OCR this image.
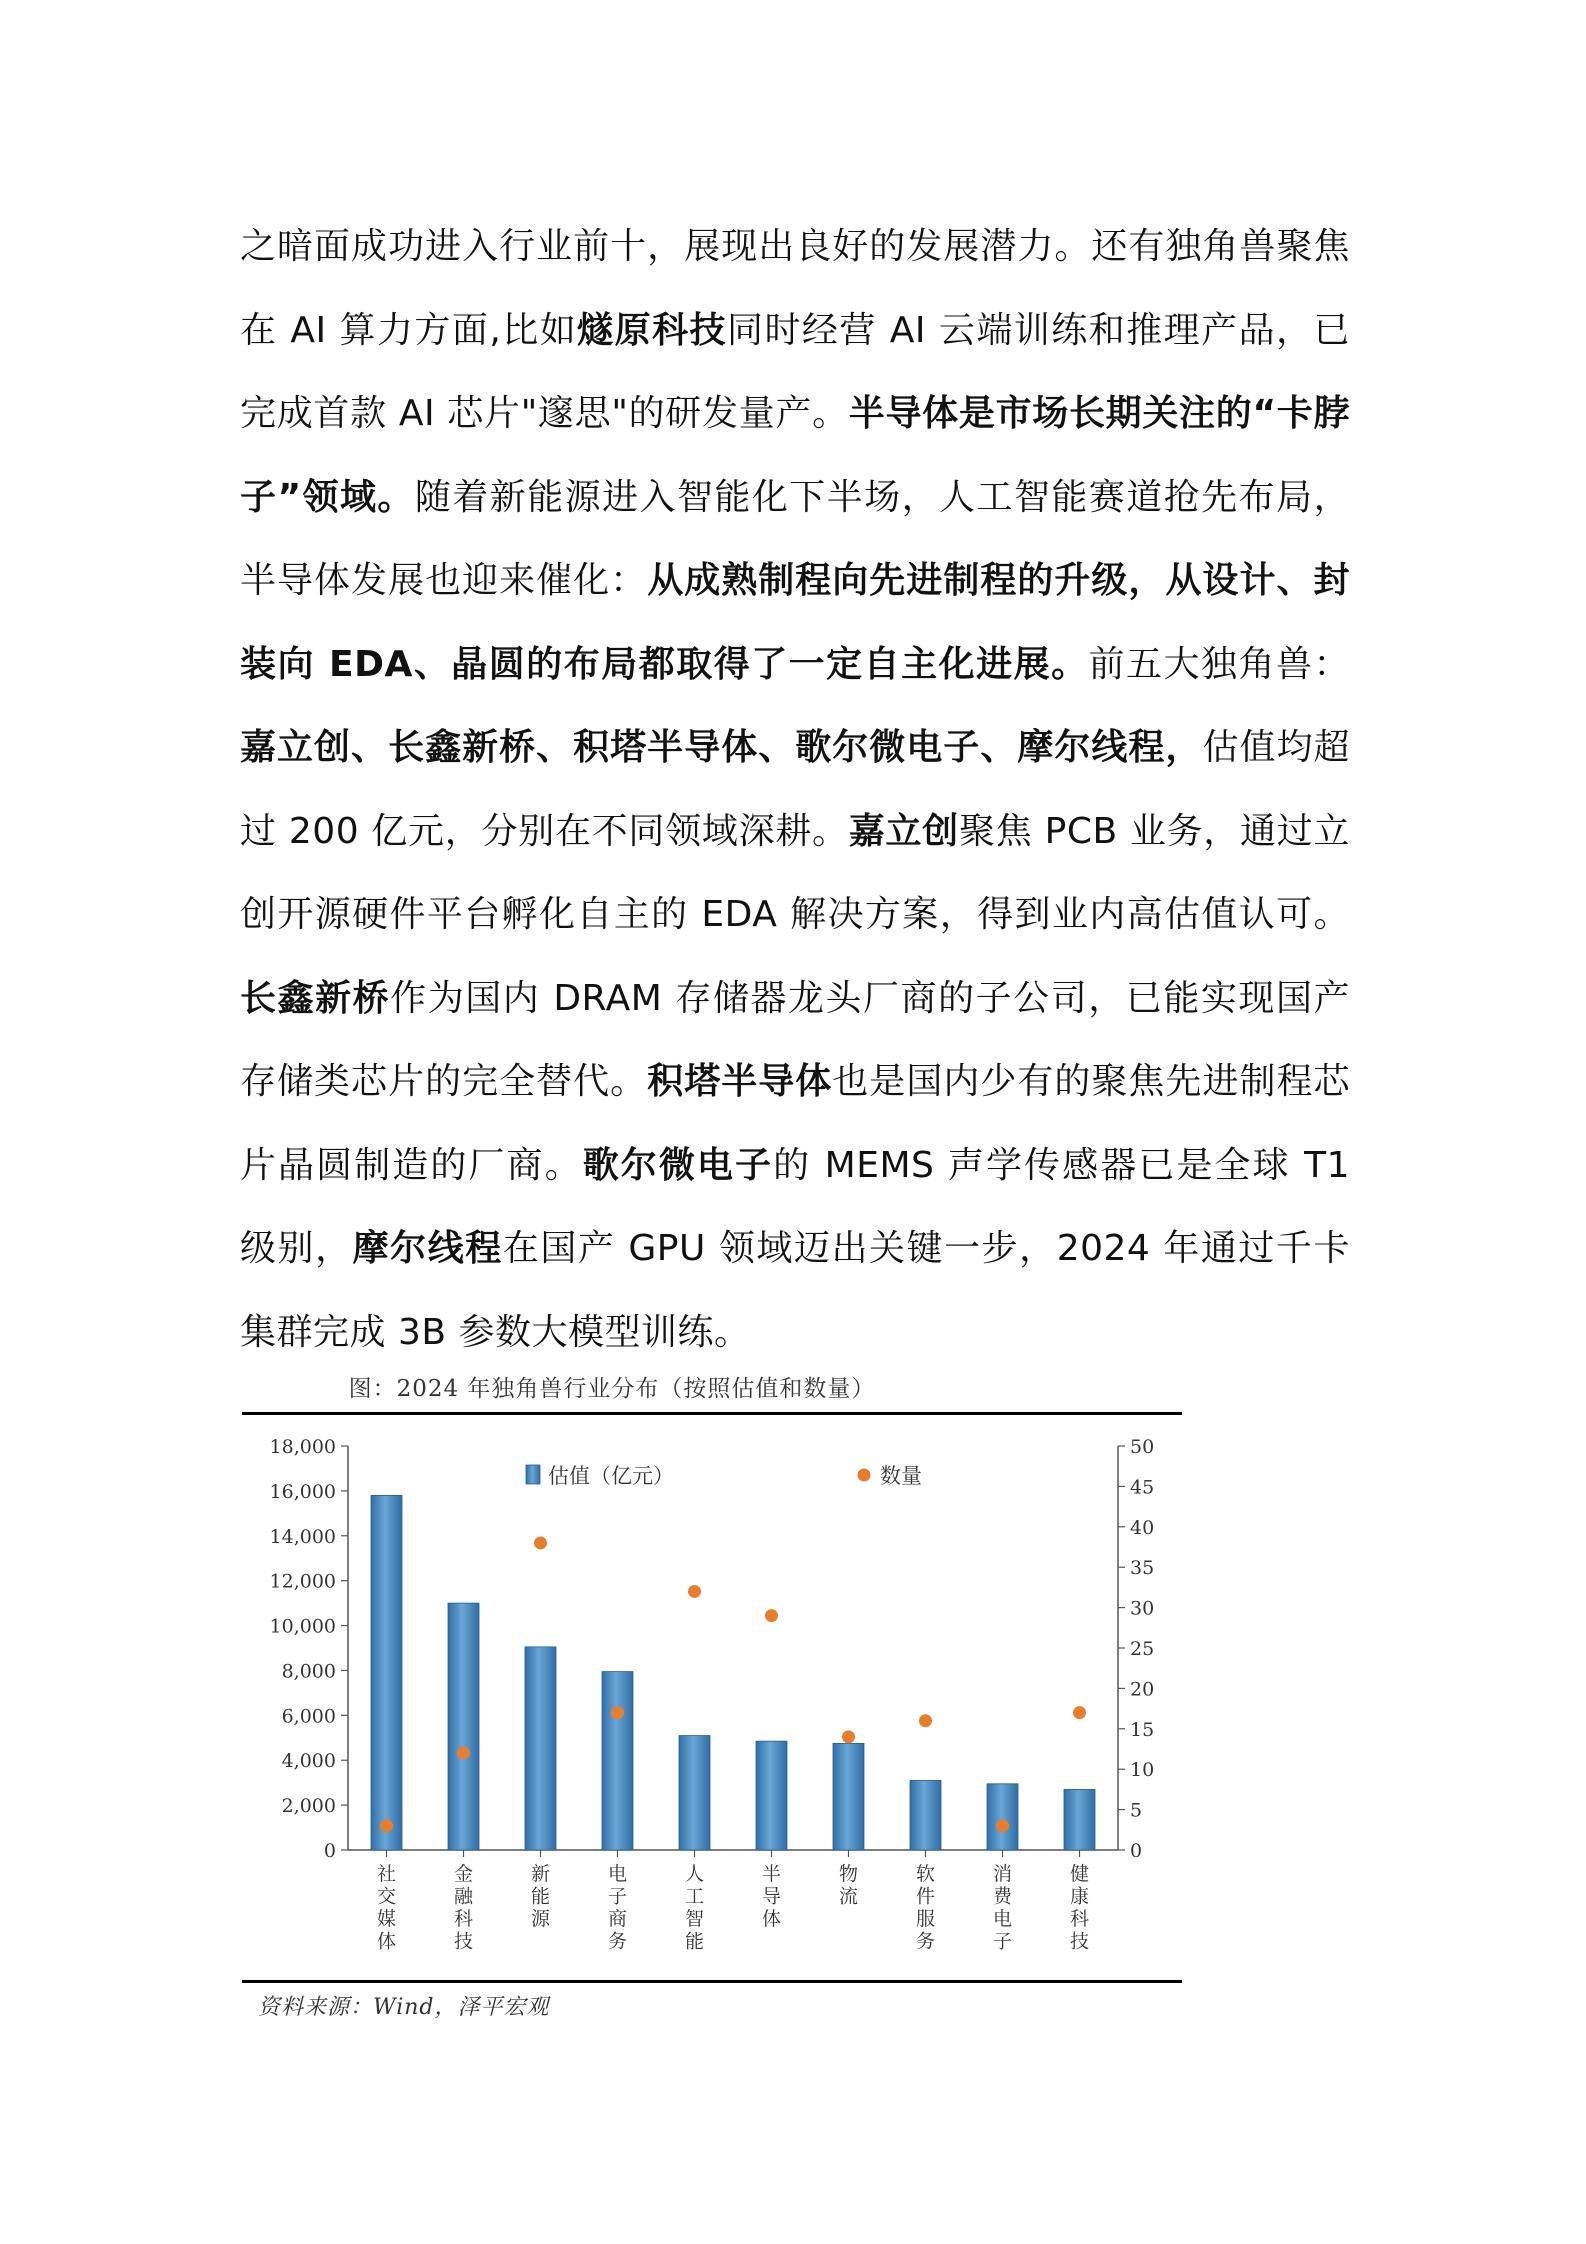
之暗面成功进入行业前十，展现出良好的发展潜力。还有独角兽聚焦在 AI 算力方面,比如燧原科技同时经营 AI 云端训练和推理产品，已完成首款 AI 芯片"邃思"的研发量产。半导体是市场长期关注的“卡脖子”领域。随着新能源进入智能化下半场，人工智能赛道抢先布局，半导体发展也迎来催化：从成熟制程向先进制程的升级，从设计、封装向 EDA、晶圆的布局都取得了一定自主化进展。前五大独角兽：嘉立创、长鑫新桥、积塔半导体、歌尔微电子、摩尔线程，估值均超过 200 亿元，分别在不同领域深耕。嘉立创聚焦 PCB 业务，通过立创开源硬件平台孵化自主的 EDA 解决方案，得到业内高估值认可。长鑫新桥作为国内 DRAM 存储器龙头厂商的子公司，已能实现国产存储类芯片的完全替代。积塔半导体也是国内少有的聚焦先进制程芯片晶圆制造的厂商。歌尔微电子的 MEMS 声学传感器已是全球 T1 级别，摩尔线程在国产 GPU 领域迈出关键一步，2024 年通过千卡集群完成 3B 参数大模型训练。
图：2024 年独角兽行业分布（按照估值和数量）
0
2,000
4,000
6,000
8,000
10,000
12,000
14,000
16,000
18,000
0
5
10
15
20
25
30
35
40
45
50
社交媒体
金融科技
新能源
电子商务
人工智能
半导体
物流
软件服务
消费电子
健康科技
估值（亿元）	数量
资料来源：Wind，泽平宏观
